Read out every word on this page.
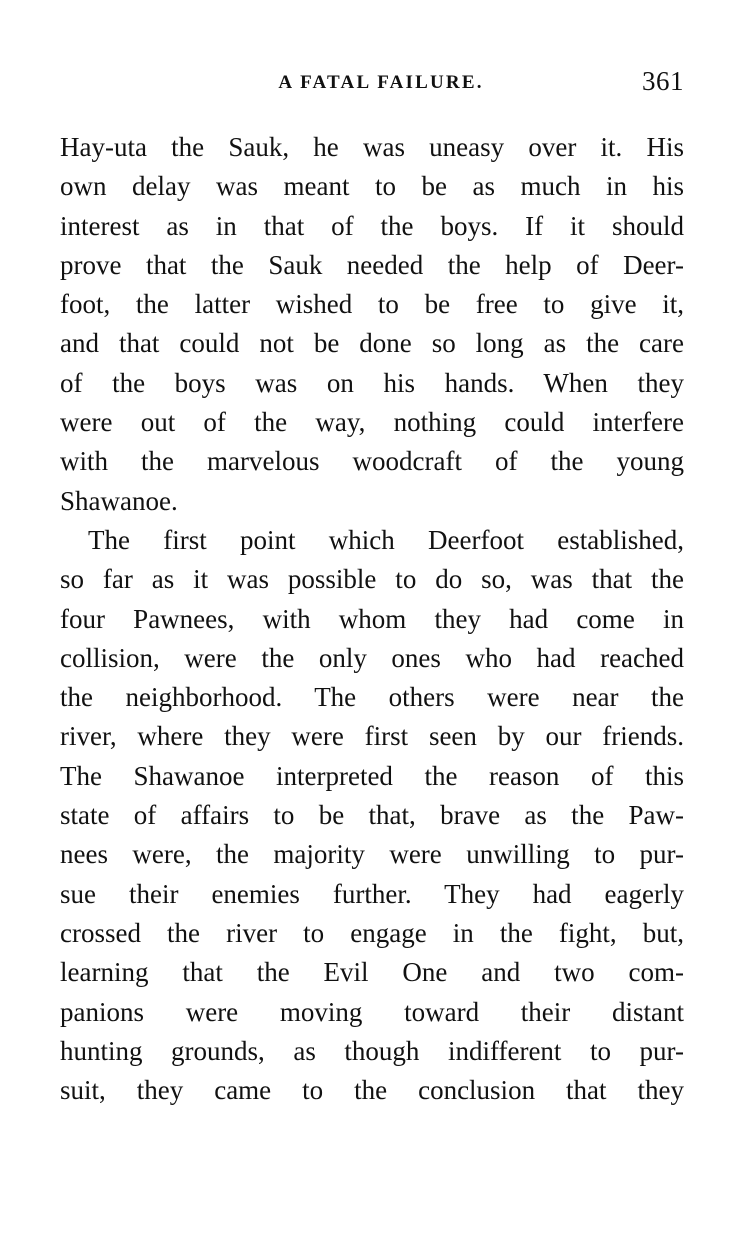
A FATAL FAILURE.	361
Hay-uta the Sauk, he was uneasy over it. His
own delay was meant to be as much in his
interest as in that of the boys. If it should
prove that the Sauk needed the help of Deer-
foot, the latter wished to be free to give it,
and that could not be done so long as the care
of the boys was on his hands. When they
were out of the way, nothing could interfere
with the marvelous woodcraft of the young
Shawanoe.
The first point which Deerfoot established,
so far as it was possible to do so, was that the
four Pawnees, with whom they had come in
collision, were the only ones who had reached
the neighborhood. The others were near the
river, where they were first seen by our friends.
The Shawanoe interpreted the reason of this
state of affairs to be that, brave as the Paw-
nees were, the majority were unwilling to pur-
sue their enemies further. They had eagerly
crossed the river to engage in the fight, but,
learning that the Evil One and two com-
panions were moving toward their distant
hunting grounds, as though indifferent to pur-
suit, they came to the conclusion that they
